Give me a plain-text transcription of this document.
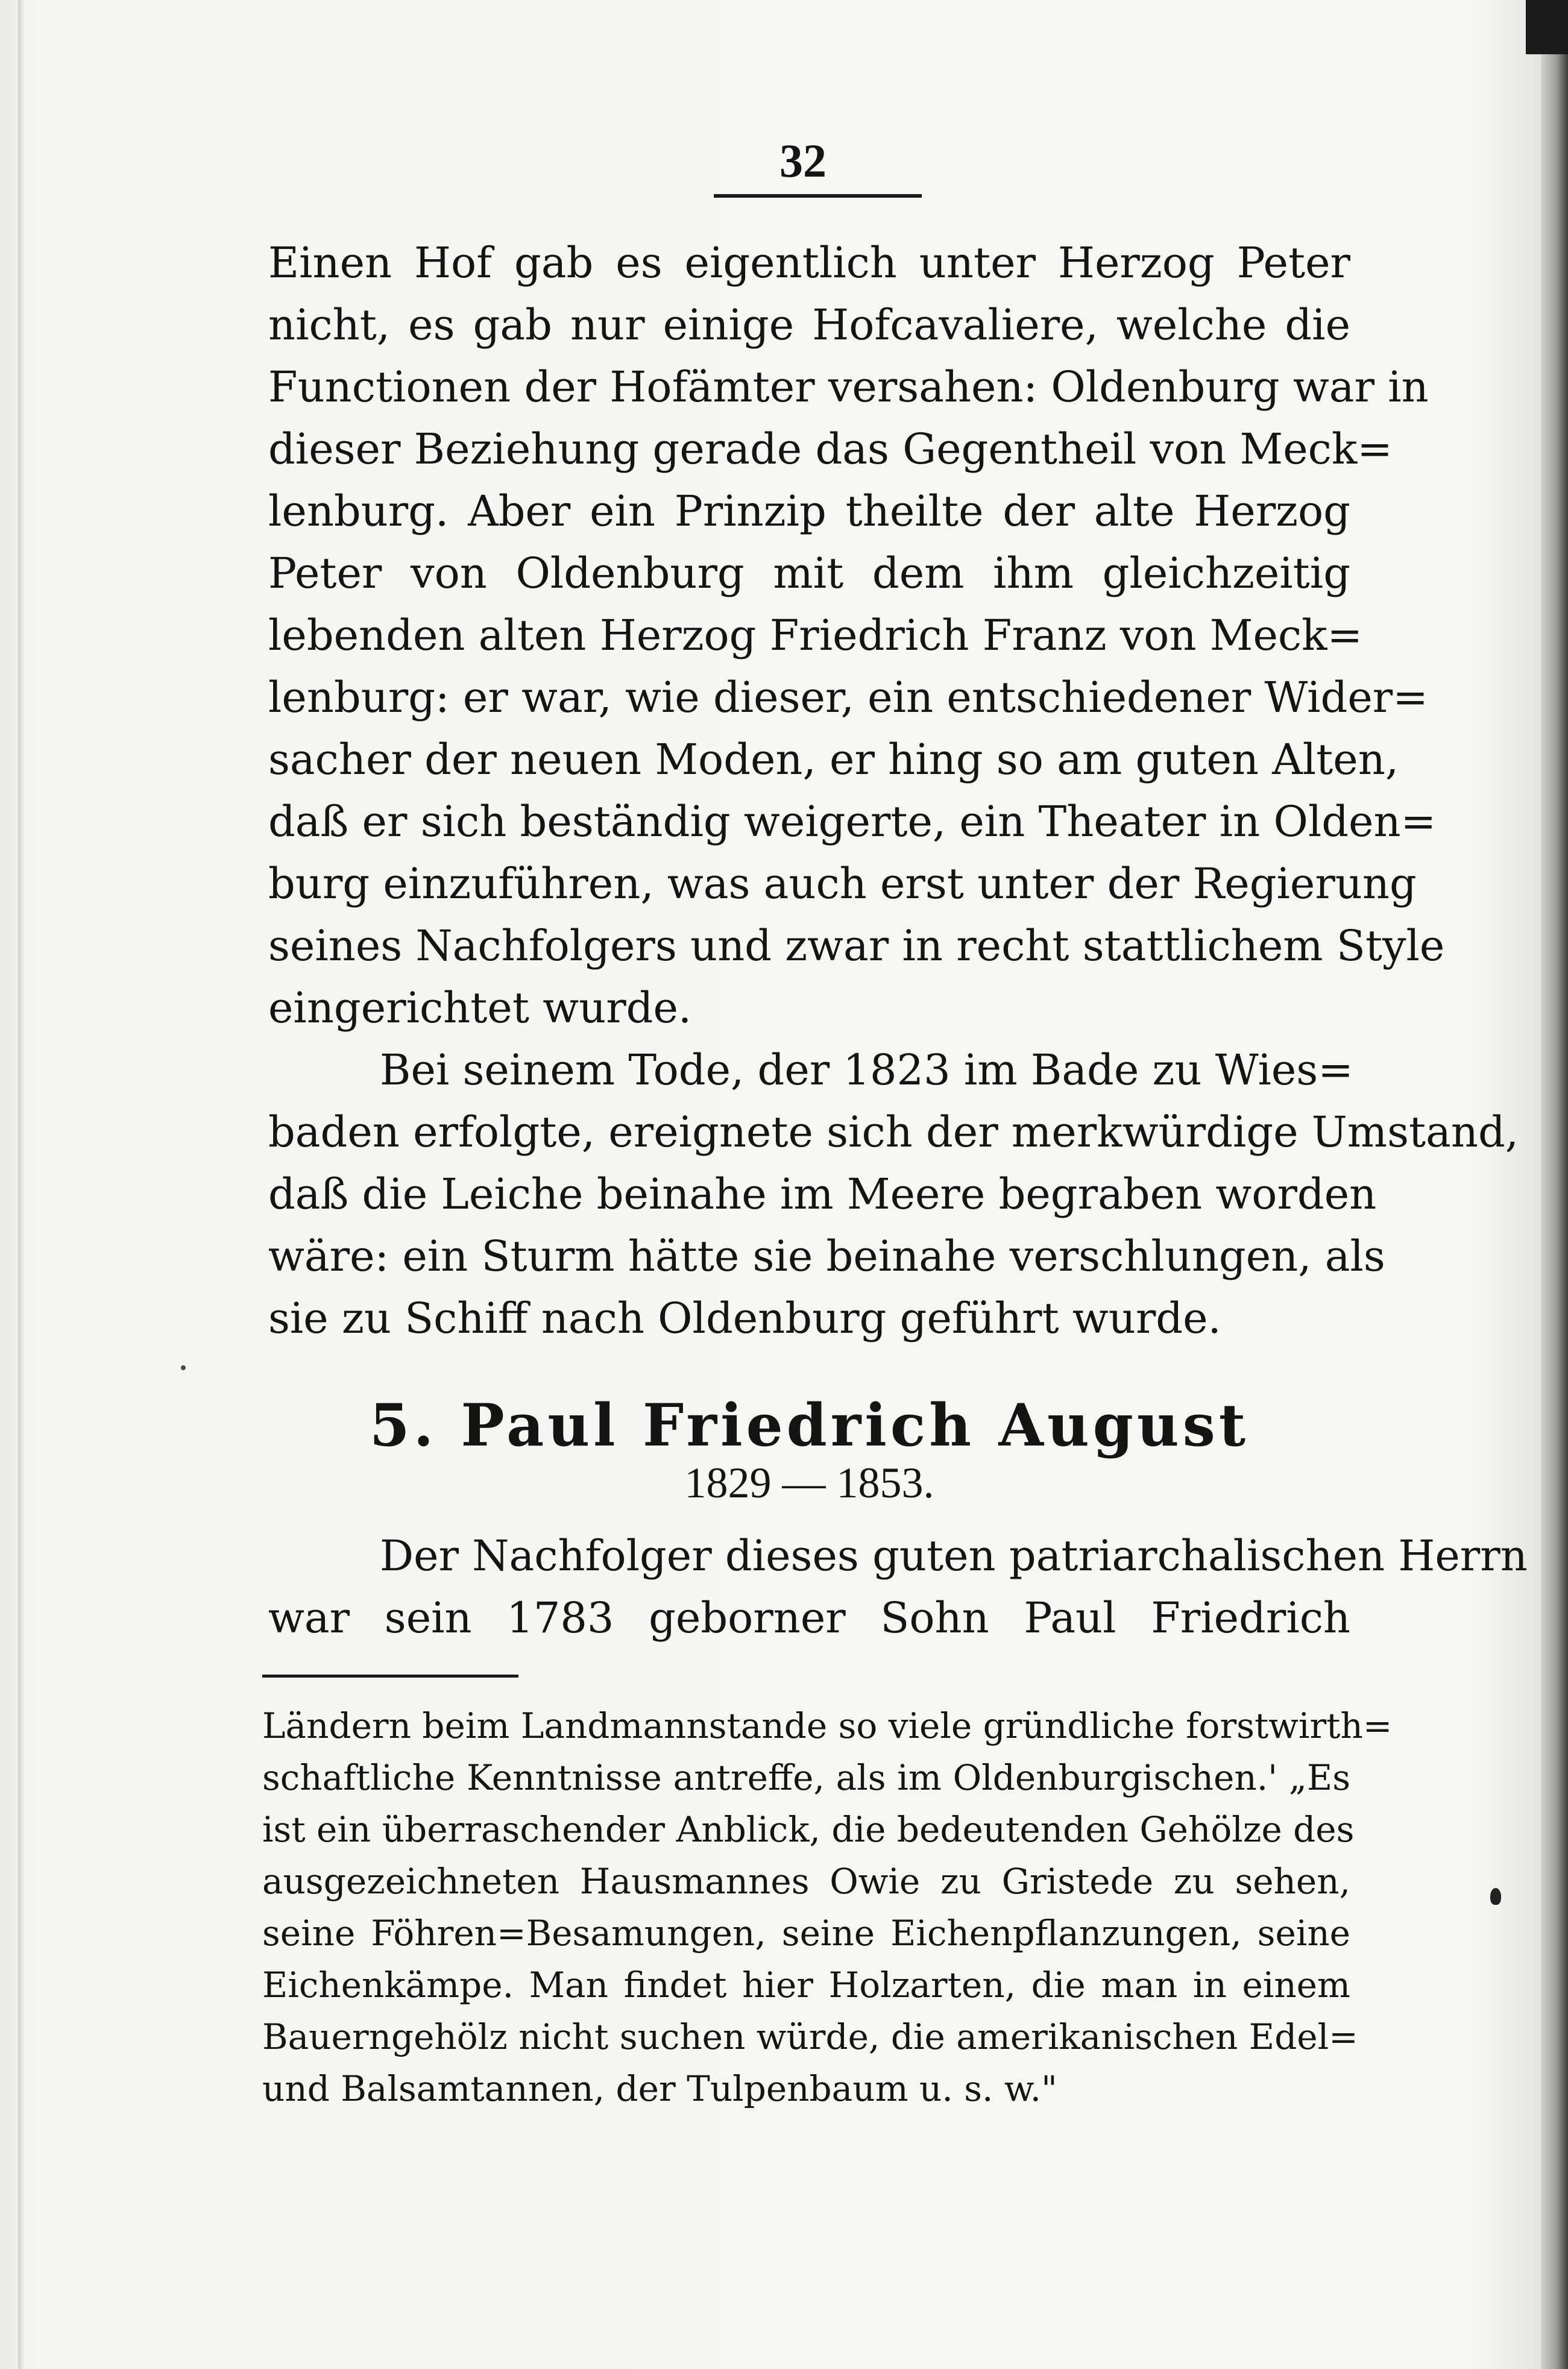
32
Einen Hof gab es eigentlich unter Herzog Peter
nicht, es gab nur einige Hofcavaliere, welche die
Functionen der Hofämter versahen: Oldenburg war in
dieser Beziehung gerade das Gegentheil von Meck=
lenburg. Aber ein Prinzip theilte der alte Herzog
Peter von Oldenburg mit dem ihm gleichzeitig
lebenden alten Herzog Friedrich Franz von Meck=
lenburg: er war, wie dieser, ein entschiedener Wider=
sacher der neuen Moden, er hing so am guten Alten,
daß er sich beständig weigerte, ein Theater in Olden=
burg einzuführen, was auch erst unter der Regierung
seines Nachfolgers und zwar in recht stattlichem Style
eingerichtet wurde.
Bei seinem Tode, der 1823 im Bade zu Wies=
baden erfolgte, ereignete sich der merkwürdige Umstand,
daß die Leiche beinahe im Meere begraben worden
wäre: ein Sturm hätte sie beinahe verschlungen, als
sie zu Schiff nach Oldenburg geführt wurde.
5. Paul Friedrich August
1829 — 1853.
Der Nachfolger dieses guten patriarchalischen Herrn
war sein 1783 geborner Sohn Paul Friedrich
Ländern beim Landmannstande so viele gründliche forstwirth=
schaftliche Kenntnisse antreffe, als im Oldenburgischen.' „Es
ist ein überraschender Anblick, die bedeutenden Gehölze des
ausgezeichneten Hausmannes Owie zu Gristede zu sehen,
seine Föhren=Besamungen, seine Eichenpflanzungen, seine
Eichenkämpe. Man findet hier Holzarten, die man in einem
Bauerngehölz nicht suchen würde, die amerikanischen Edel=
und Balsamtannen, der Tulpenbaum u. s. w."
